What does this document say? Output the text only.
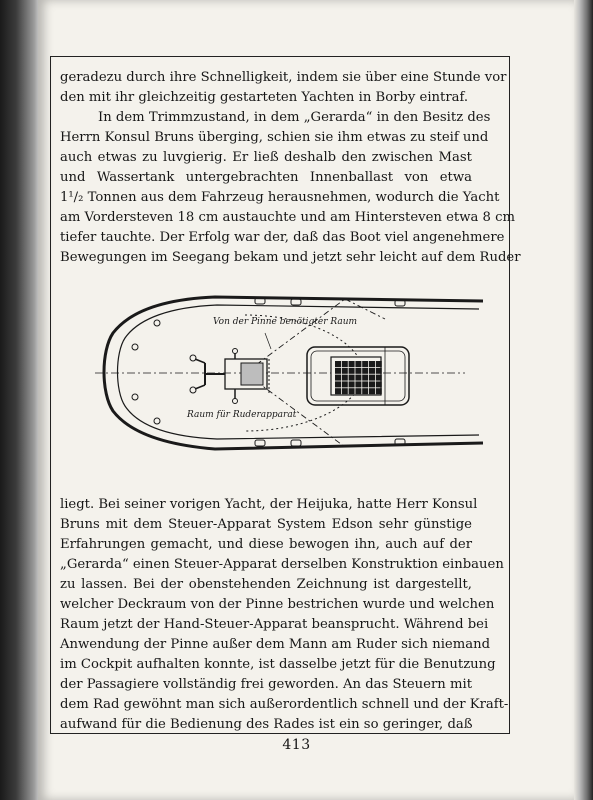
geradezu durch ihre Schnelligkeit, indem sie über eine Stunde vor
den mit ihr gleichzeitig gestarteten Yachten in Borby eintraf.
In dem Trimmzustand, in dem „Gerarda“ in den Besitz des
Herrn Konsul Bruns überging, schien sie ihm etwas zu steif und
auch etwas zu luvgierig. Er ließ deshalb den zwischen Mast
und Wassertank untergebrachten Innenballast von etwa
1¹/₂ Tonnen aus dem Fahrzeug herausnehmen, wodurch die Yacht
am Vordersteven 18 cm austauchte und am Hintersteven etwa 8 cm
tiefer tauchte. Der Erfolg war der, daß das Boot viel angenehmere
Bewegungen im Seegang bekam und jetzt sehr leicht auf dem Ruder
Von der Pinne benötigter Raum
Raum für Ruderapparat
liegt. Bei seiner vorigen Yacht, der Heijuka, hatte Herr Konsul
Bruns mit dem Steuer-Apparat System Edson sehr günstige
Erfahrungen gemacht, und diese bewogen ihn, auch auf der
„Gerarda“ einen Steuer-Apparat derselben Konstruktion einbauen
zu lassen. Bei der obenstehenden Zeichnung ist dargestellt,
welcher Deckraum von der Pinne bestrichen wurde und welchen
Raum jetzt der Hand-Steuer-Apparat beansprucht. Während bei
Anwendung der Pinne außer dem Mann am Ruder sich niemand
im Cockpit aufhalten konnte, ist dasselbe jetzt für die Benutzung
der Passagiere vollständig frei geworden. An das Steuern mit
dem Rad gewöhnt man sich außerordentlich schnell und der Kraft-
aufwand für die Bedienung des Rades ist ein so geringer, daß
413
